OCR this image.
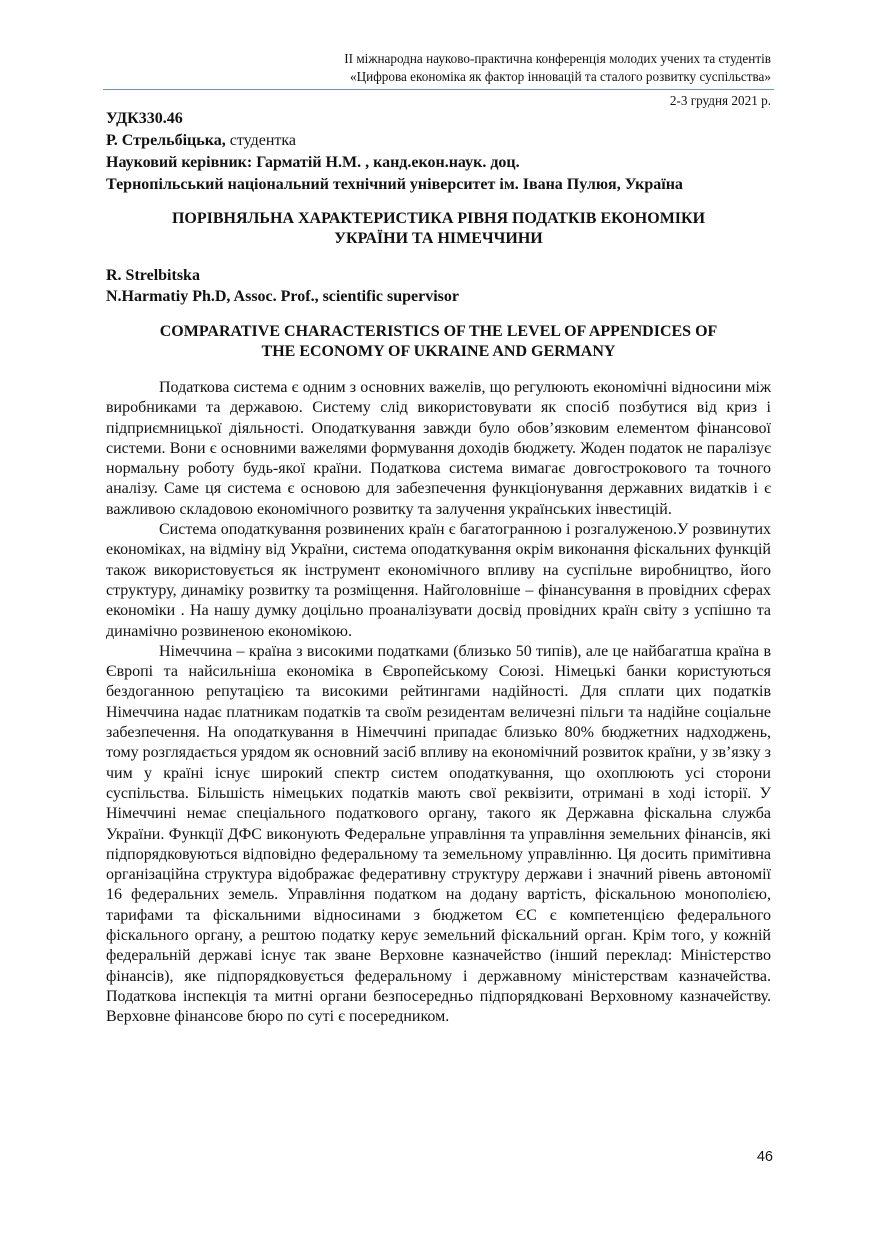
ІІ міжнародна науково-практична конференція молодих учених та студентів
«Цифрова економіка як фактор інновацій та сталого розвитку суспільства»
2-3 грудня 2021 р.
УДК330.46
Р. Стрельбіцька, студентка
Науковий керівник: Гарматій Н.М. , канд.екон.наук. доц.
Тернопільський національний технічний університет ім. Івана Пулюя, Україна
ПОРІВНЯЛЬНА ХАРАКТЕРИСТИКА РІВНЯ ПОДАТКІВ ЕКОНОМІКИ
УКРАЇНИ ТА НІМЕЧЧИНИ
R. Strelbitska
N.Harmatiy Ph.D, Assoc. Prof., scientific supervisor
COMPARATIVE CHARACTERISTICS OF THE LEVEL OF APPENDICES OF
THE ECONOMY OF UKRAINE AND GERMANY

Податкова система є одним з основних важелів, що регулюють економічні відносини між виробниками та державою. Систему слід використовувати як спосіб позбутися від криз і підприємницької діяльності. Оподаткування завжди було обов’язковим елементом фінансової системи. Вони є основними важелями формування доходів бюджету. Жоден податок не паралізує нормальну роботу будь-якої країни. Податкова система вимагає довгострокового та точного аналізу. Саме ця система є основою для забезпечення функціонування державних видатків і є важливою складовою економічного розвитку та залучення українських інвестицій.

Система оподаткування розвинених країн є багатогранною і розгалуженою.У розвинутих економіках, на відміну від України, система оподаткування окрім виконання фіскальних функцій також використовується як інструмент економічного впливу на суспільне виробництво, його структуру, динаміку розвитку та розміщення. Найголовніше – фінансування в провідних сферах економіки . На нашу думку доцільно проаналізувати досвід провідних країн світу з успішно та динамічно розвиненою економікою.

Німеччина – країна з високими податками (близько 50 типів), але це найбагатша країна в Європі та найсильніша економіка в Європейському Союзі. Німецькі банки користуються бездоганною репутацією та високими рейтингами надійності. Для сплати цих податків Німеччина надає платникам податків та своїм резидентам величезні пільги та надійне соціальне забезпечення. На оподаткування в Німеччині припадає близько 80% бюджетних надходжень, тому розглядається урядом як основний засіб впливу на економічний розвиток країни, у зв’язку з чим у країні існує широкий спектр систем оподаткування, що охоплюють усі сторони суспільства. Більшість німецьких податків мають свої реквізити, отримані в ході історії. У Німеччині немає спеціального податкового органу, такого як Державна фіскальна служба України. Функції ДФС виконують Федеральне управління та управління земельних фінансів, які підпорядковуються відповідно федеральному та земельному управлінню. Ця досить примітивна організаційна структура відображає федеративну структуру держави і значний рівень автономії 16 федеральних земель. Управління податком на додану вартість, фіскальною монополією, тарифами та фіскальними відносинами з бюджетом ЄС є компетенцією федерального фіскального органу, а рештою податку керує земельний фіскальний орган. Крім того, у кожній федеральній державі існує так зване Верховне казначейство (інший переклад: Міністерство фінансів), яке підпорядковується федеральному і державному міністерствам казначейства. Податкова інспекція та митні органи безпосередньо підпорядковані Верховному казначейству. Верховне фінансове бюро по суті є посередником.

46
